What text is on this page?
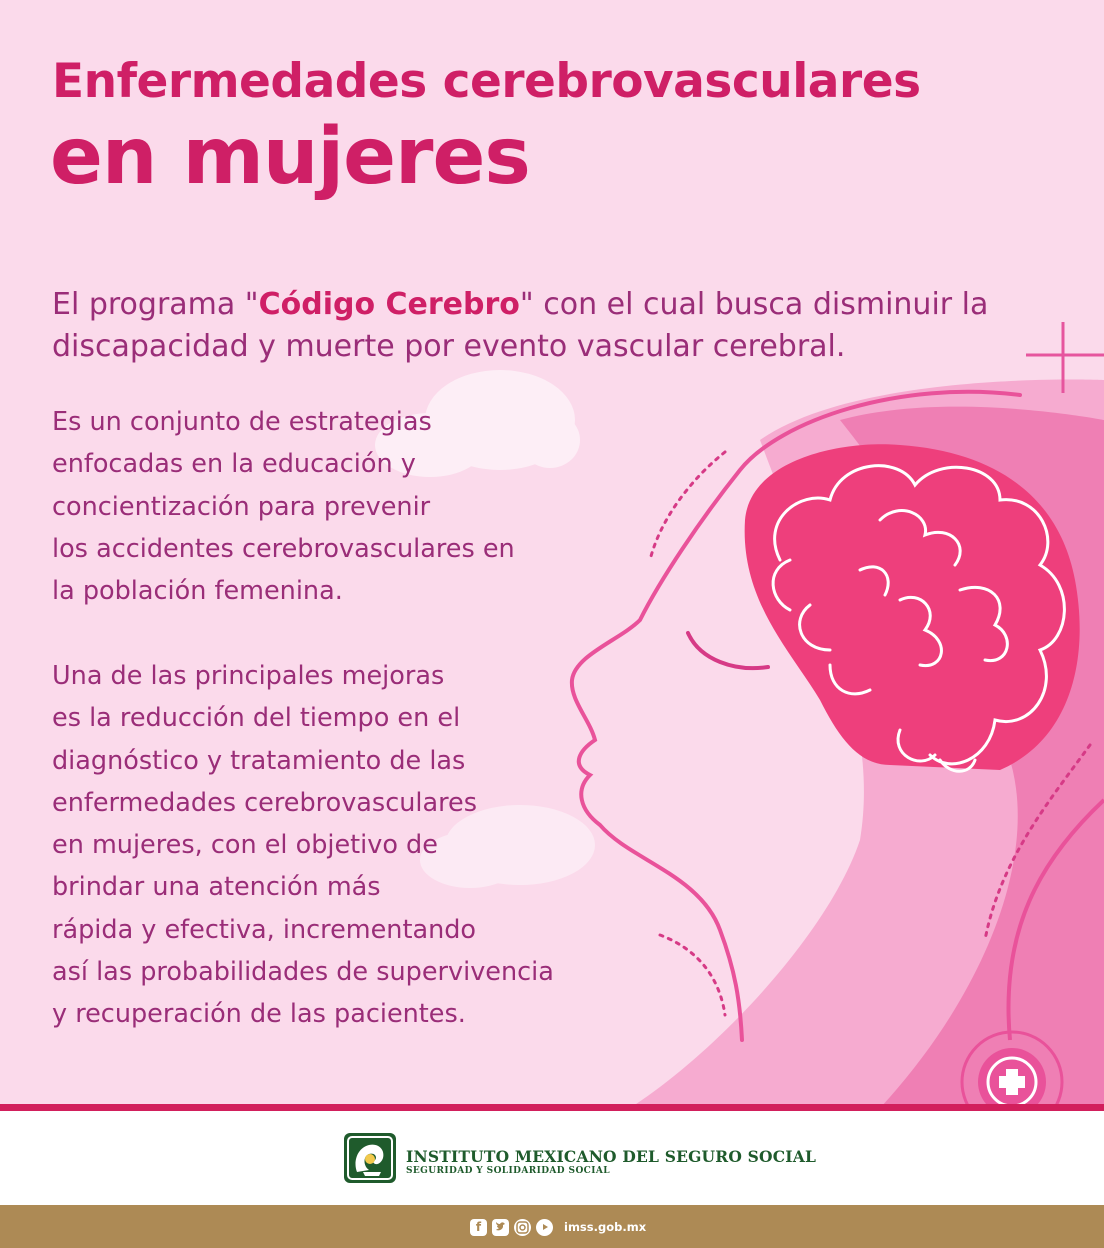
Enfermedades cerebrovasculares
en mujeres

El programa "Código Cerebro" con el cual busca disminuir la discapacidad y muerte por evento vascular cerebral.

Es un conjunto de estrategias
enfocadas en la educación y
concientización para prevenir
los accidentes cerebrovasculares en
la población femenina.

Una de las principales mejoras
es la reducción del tiempo en el
diagnóstico y tratamiento de las
enfermedades cerebrovasculares
en mujeres, con el objetivo de
brindar una atención más
rápida y efectiva, incrementando
así las probabilidades de supervivencia
y recuperación de las pacientes.

INSTITUTO MEXICANO DEL SEGURO SOCIAL

SEGURIDAD Y SOLIDARIDAD SOCIAL

f	imss.gob.mx
